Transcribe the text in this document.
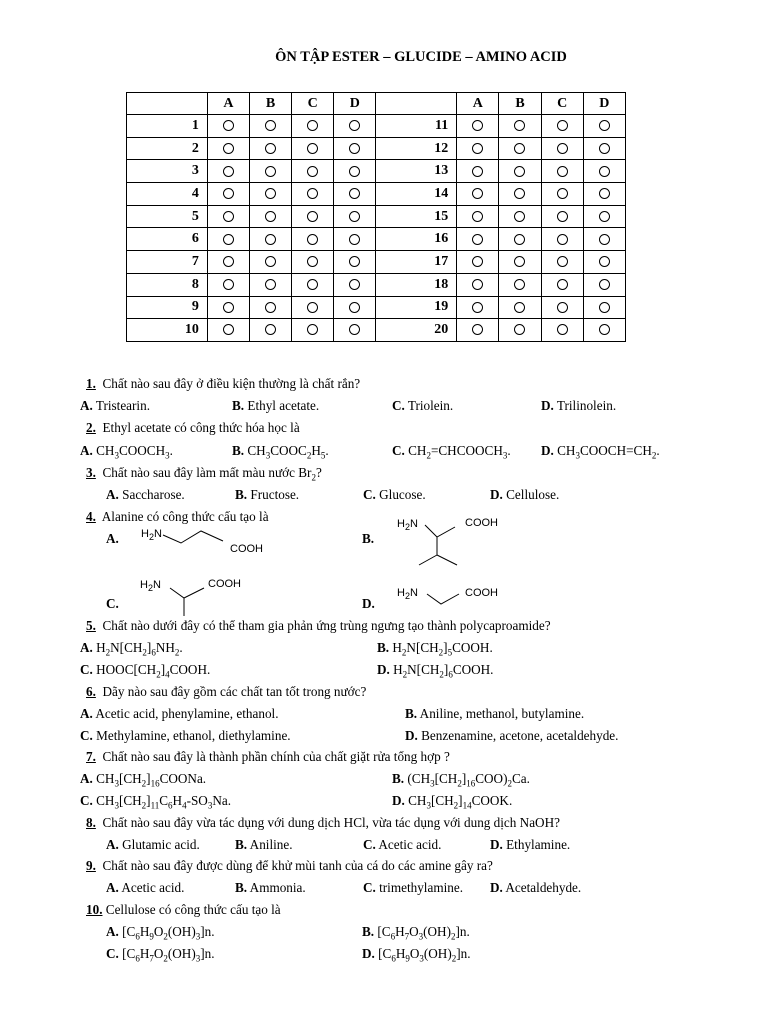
ÔN TẬP ESTER – GLUCIDE – AMINO ACID
	A	B	C	D		A	B	C	D
1					11				
2					12				
3					13				
4					14				
5					15				
6					16				
7					17				
8					18				
9					19				
10					20				
1. Chất nào sau đây ở điều kiện thường là chất rắn?
A. Tristearin.	B. Ethyl acetate.	C. Triolein.	D. Trilinolein.
2. Ethyl acetate có công thức hóa học là
A. $CH_3COOCH_3$.	B. $CH_3COOC_2H_5$.	C. $CH_2=CHCOOCH_3$. D. $CH_3COOCH=CH_2$.
3. Chất nào sau đây làm mất màu nước $Br_2$?
A. Saccharose.	B. Fructose.	C. Glucose.	D. Cellulose.
4. Alanine có công thức cấu tạo là
A.	B.
C.	D.
$H_2N$
COOH
$H_2N$	COOH
$H_2N$	COOH
$H_2N$	COOH
5. Chất nào dưới đây có thể tham gia phản ứng trùng ngưng tạo thành polycaproamide?
A. $H_2N[CH_2]_6NH_2$.	B. $H_2N[CH_2]_5COOH$.
C. $HOOC[CH_2]_4COOH$.	D. $H_2N[CH_2]_6COOH$.
6. Dãy nào sau đây gồm các chất tan tốt trong nước?
A. Acetic acid, phenylamine, ethanol.	B. Aniline, methanol, butylamine.
C. Methylamine, ethanol, diethylamine.	D. Benzenamine, acetone, acetaldehyde.
7. Chất nào sau đây là thành phần chính của chất giặt rửa tổng hợp ?
A. $CH_3[CH_2]_{16}COONa$.	B. $(CH_3[CH_2]_{16}COO)_2Ca$.
C. $CH_3[CH_2]_{11}C_6H_4-SO_3Na$.	D. $CH_3[CH_2]_{14}COOK$.
8. Chất nào sau đây vừa tác dụng với dung dịch HCl, vừa tác dụng với dung dịch NaOH?
A. Glutamic acid.	B. Aniline.	C. Acetic acid.	D. Ethylamine.
9. Chất nào sau đây được dùng để khử mùi tanh của cá do các amine gây ra?
A. Acetic acid.	B. Ammonia.	C. trimethylamine. D. Acetaldehyde.
10. Cellulose có công thức cấu tạo là
A. $[C_6H_9O_2(OH)_3]n$.	B. $[C_6H_7O_3(OH)_2]n$.
C. $[C_6H_7O_2(OH)_3]n$.	D. $[C_6H_9O_3(OH)_2]n$.
